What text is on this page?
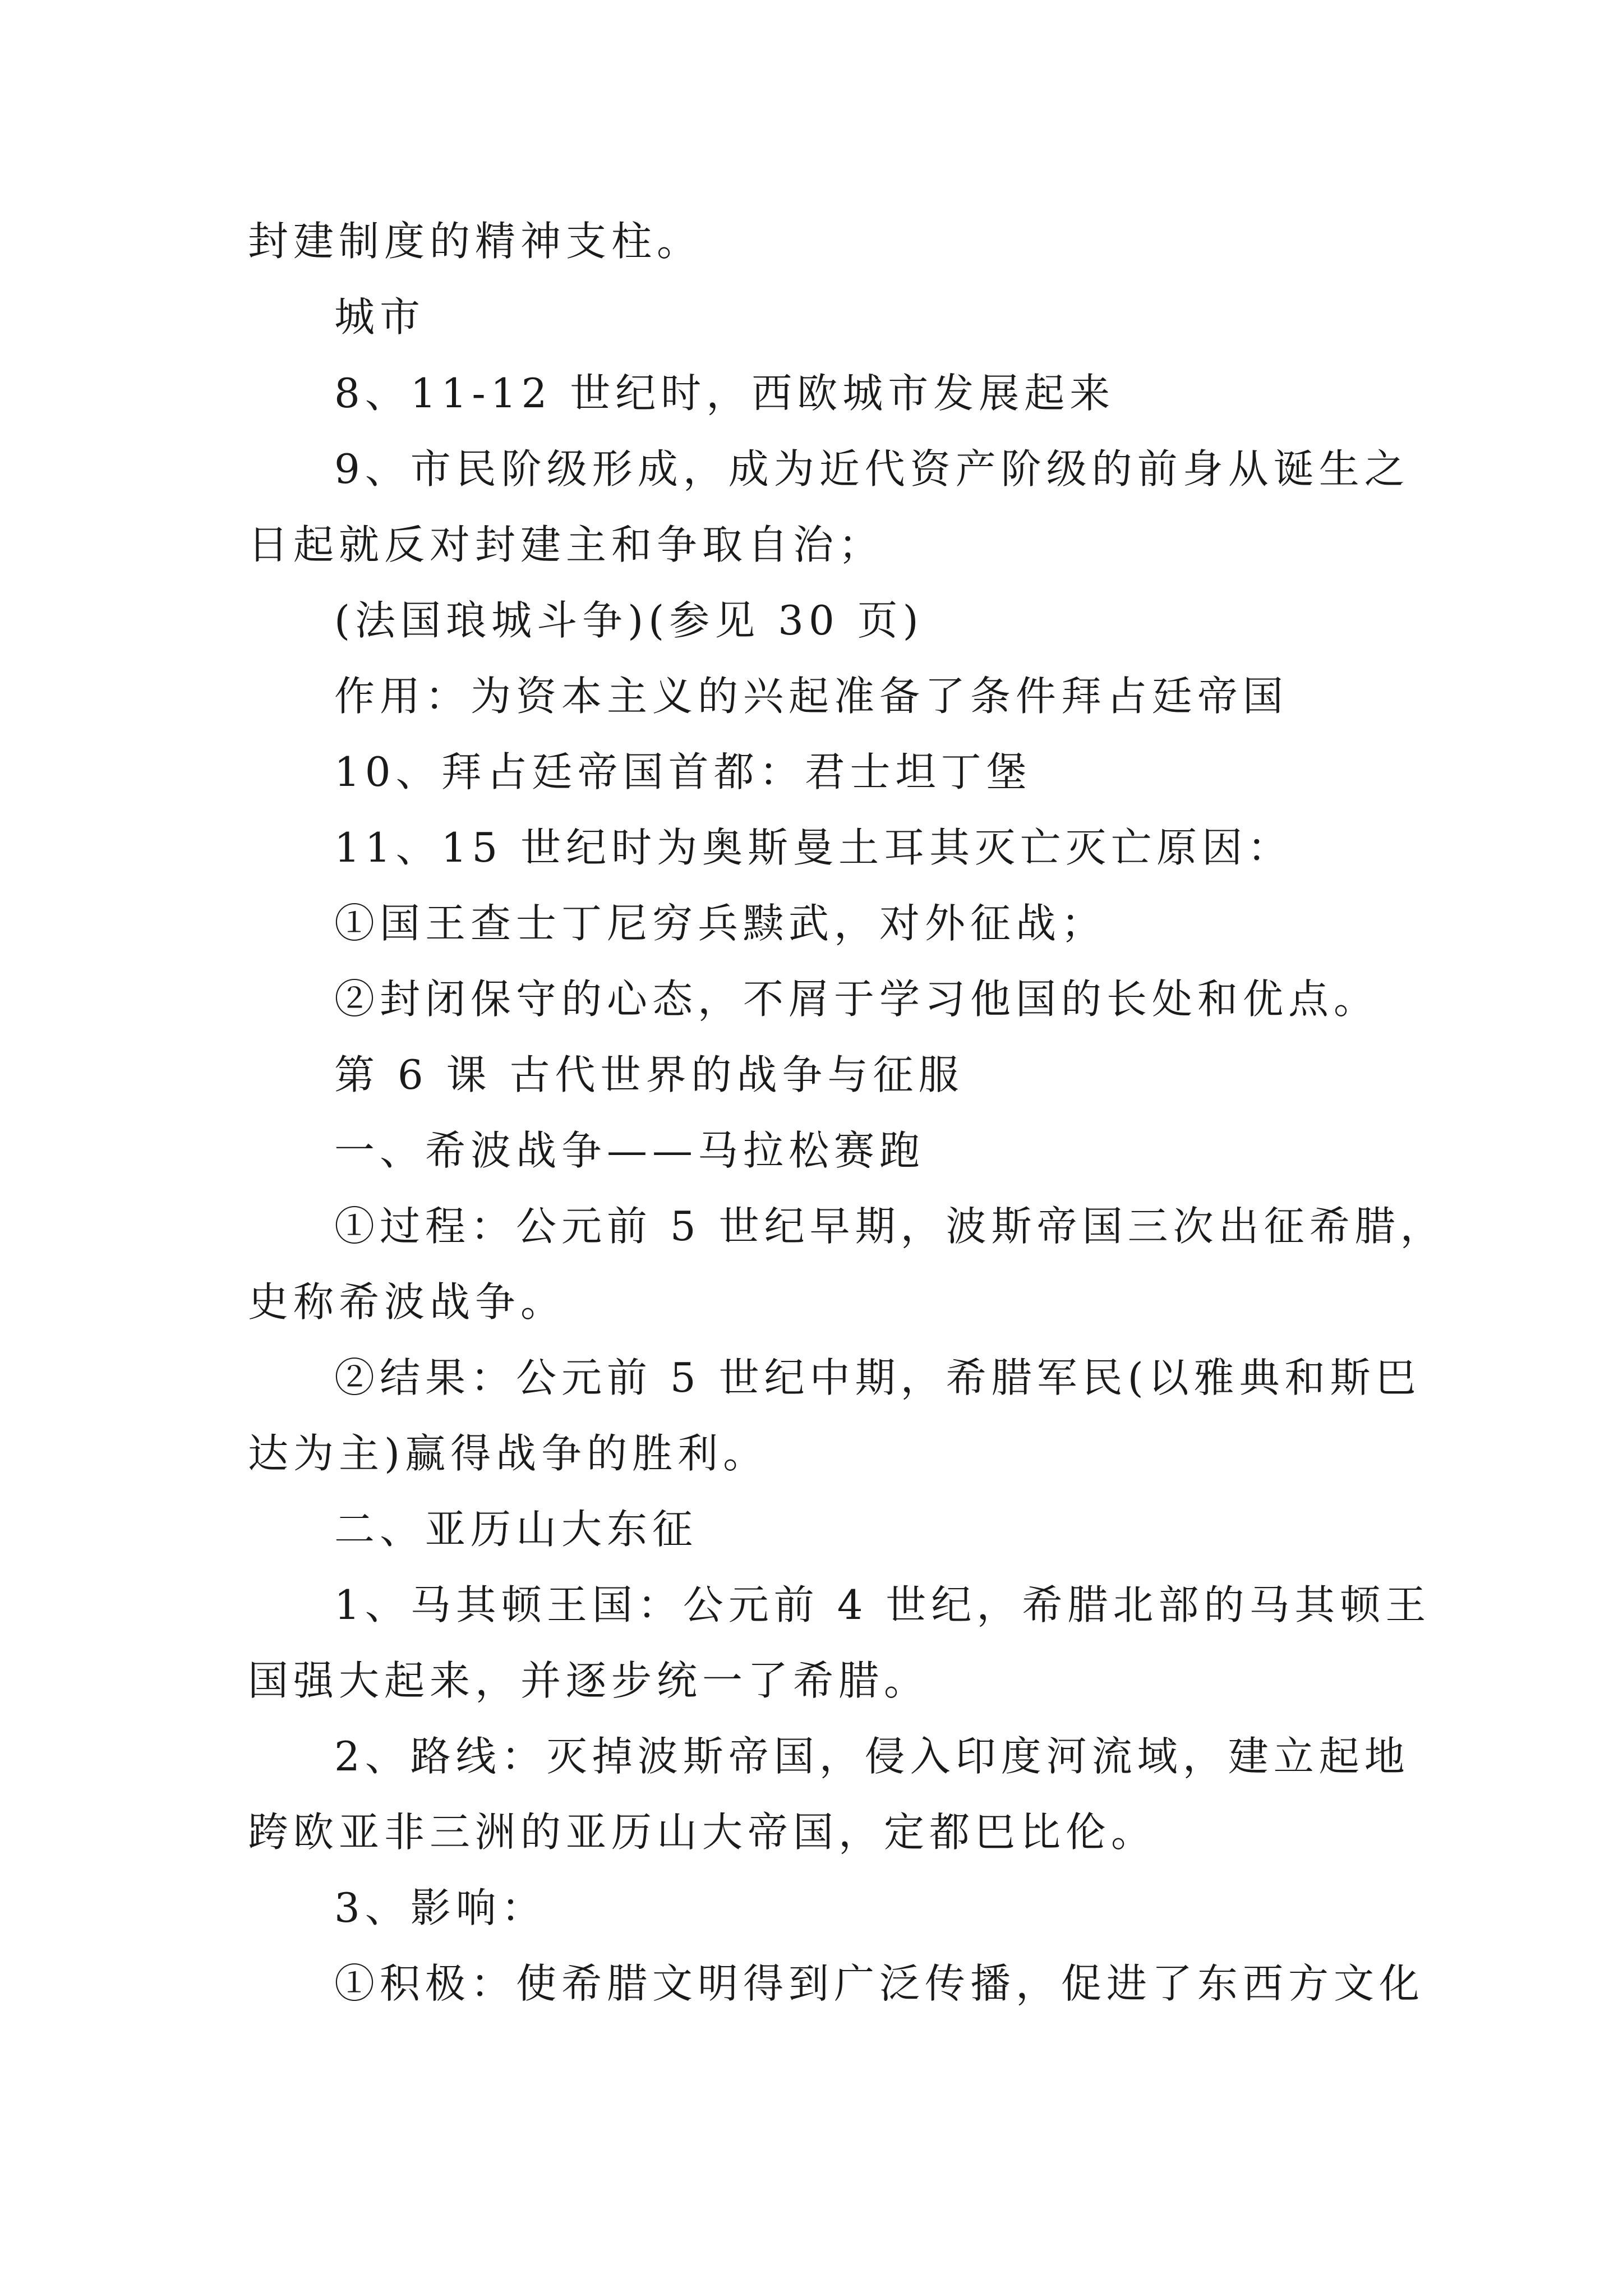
封建制度的精神支柱。
城市
8、11-12 世纪时，西欧城市发展起来
9、市民阶级形成，成为近代资产阶级的前身从诞生之
日起就反对封建主和争取自治；
(法国琅城斗争)(参见 30 页)
作用：为资本主义的兴起准备了条件拜占廷帝国
10、拜占廷帝国首都：君士坦丁堡
11、15 世纪时为奥斯曼土耳其灭亡灭亡原因：
①国王查士丁尼穷兵黩武，对外征战；
②封闭保守的心态，不屑于学习他国的长处和优点。
第 6 课 古代世界的战争与征服
一、希波战争——马拉松赛跑
①过程：公元前 5 世纪早期，波斯帝国三次出征希腊，
史称希波战争。
②结果：公元前 5 世纪中期，希腊军民(以雅典和斯巴
达为主)赢得战争的胜利。
二、亚历山大东征
1、马其顿王国：公元前 4 世纪，希腊北部的马其顿王
国强大起来，并逐步统一了希腊。
2、路线：灭掉波斯帝国，侵入印度河流域，建立起地
跨欧亚非三洲的亚历山大帝国，定都巴比伦。
3、影响：
①积极：使希腊文明得到广泛传播，促进了东西方文化
